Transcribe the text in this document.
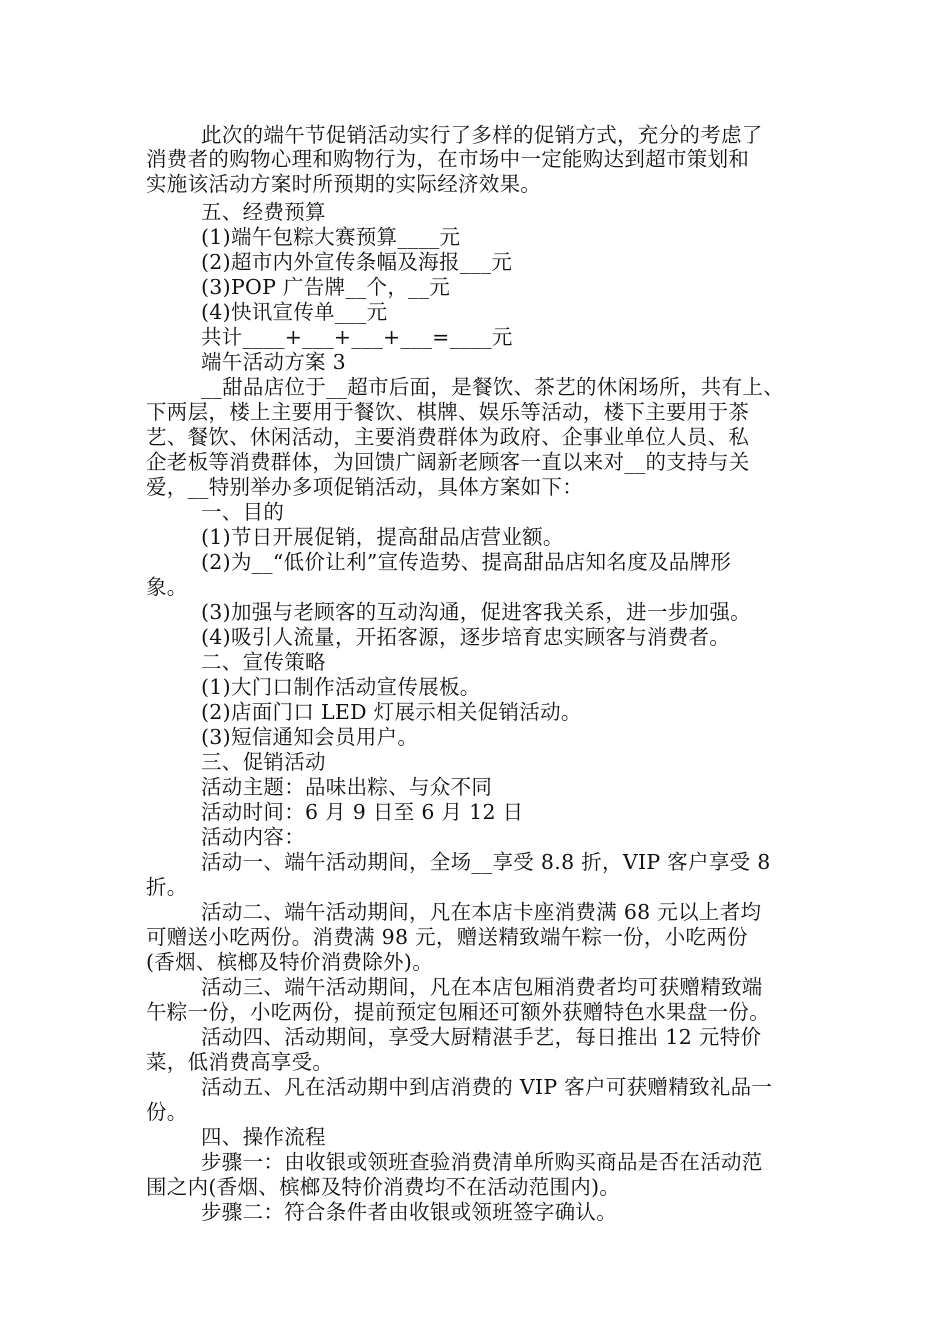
此次的端午节促销活动实行了多样的促销方式，充分的考虑了
消费者的购物心理和购物行为，在市场中一定能购达到超市策划和
实施该活动方案时所预期的实际经济效果。
五、经费预算
(1)端午包粽大赛预算____元
(2)超市内外宣传条幅及海报___元
(3)POP 广告牌__个，__元
(4)快讯宣传单___元
共计____+___+___+___=____元
端午活动方案 3
__甜品店位于__超市后面，是餐饮、茶艺的休闲场所，共有上、
下两层，楼上主要用于餐饮、棋牌、娱乐等活动，楼下主要用于茶
艺、餐饮、休闲活动，主要消费群体为政府、企事业单位人员、私
企老板等消费群体，为回馈广阔新老顾客一直以来对__的支持与关
爱，__特别举办多项促销活动，具体方案如下：
一、目的
(1)节日开展促销，提高甜品店营业额。
(2)为__“低价让利”宣传造势、提高甜品店知名度及品牌形
象。
(3)加强与老顾客的互动沟通，促进客我关系，进一步加强。
(4)吸引人流量，开拓客源，逐步培育忠实顾客与消费者。
二、宣传策略
(1)大门口制作活动宣传展板。
(2)店面门口 LED 灯展示相关促销活动。
(3)短信通知会员用户。
三、促销活动
活动主题：品味出粽、与众不同
活动时间：6 月 9 日至 6 月 12 日
活动内容：
活动一、端午活动期间，全场__享受 8.8 折，VIP 客户享受 8
折。
活动二、端午活动期间，凡在本店卡座消费满 68 元以上者均
可赠送小吃两份。消费满 98 元，赠送精致端午粽一份，小吃两份
(香烟、槟榔及特价消费除外)。
活动三、端午活动期间，凡在本店包厢消费者均可获赠精致端
午粽一份，小吃两份，提前预定包厢还可额外获赠特色水果盘一份。
活动四、活动期间，享受大厨精湛手艺，每日推出 12 元特价
菜，低消费高享受。
活动五、凡在活动期中到店消费的 VIP 客户可获赠精致礼品一
份。
四、操作流程
步骤一：由收银或领班查验消费清单所购买商品是否在活动范
围之内(香烟、槟榔及特价消费均不在活动范围内)。
步骤二：符合条件者由收银或领班签字确认。
